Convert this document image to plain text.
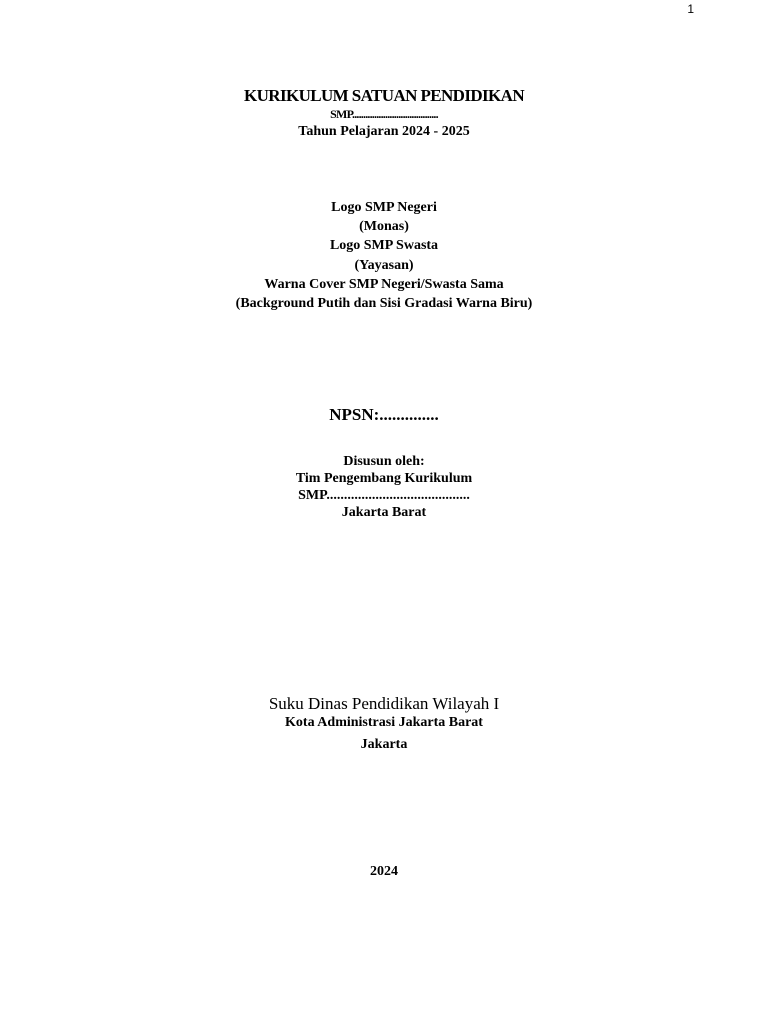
1
KURIKULUM SATUAN PENDIDIKAN
SMP.......................................
Tahun Pelajaran 2024 - 2025
Logo SMP Negeri
(Monas)
Logo SMP Swasta
(Yayasan)
Warna Cover SMP Negeri/Swasta Sama
(Background Putih dan Sisi Gradasi Warna Biru)
NPSN:..............
Disusun oleh:
Tim Pengembang Kurikulum
SMP.........................................
Jakarta Barat
Suku Dinas Pendidikan Wilayah I
Kota Administrasi Jakarta Barat
Jakarta
2024
